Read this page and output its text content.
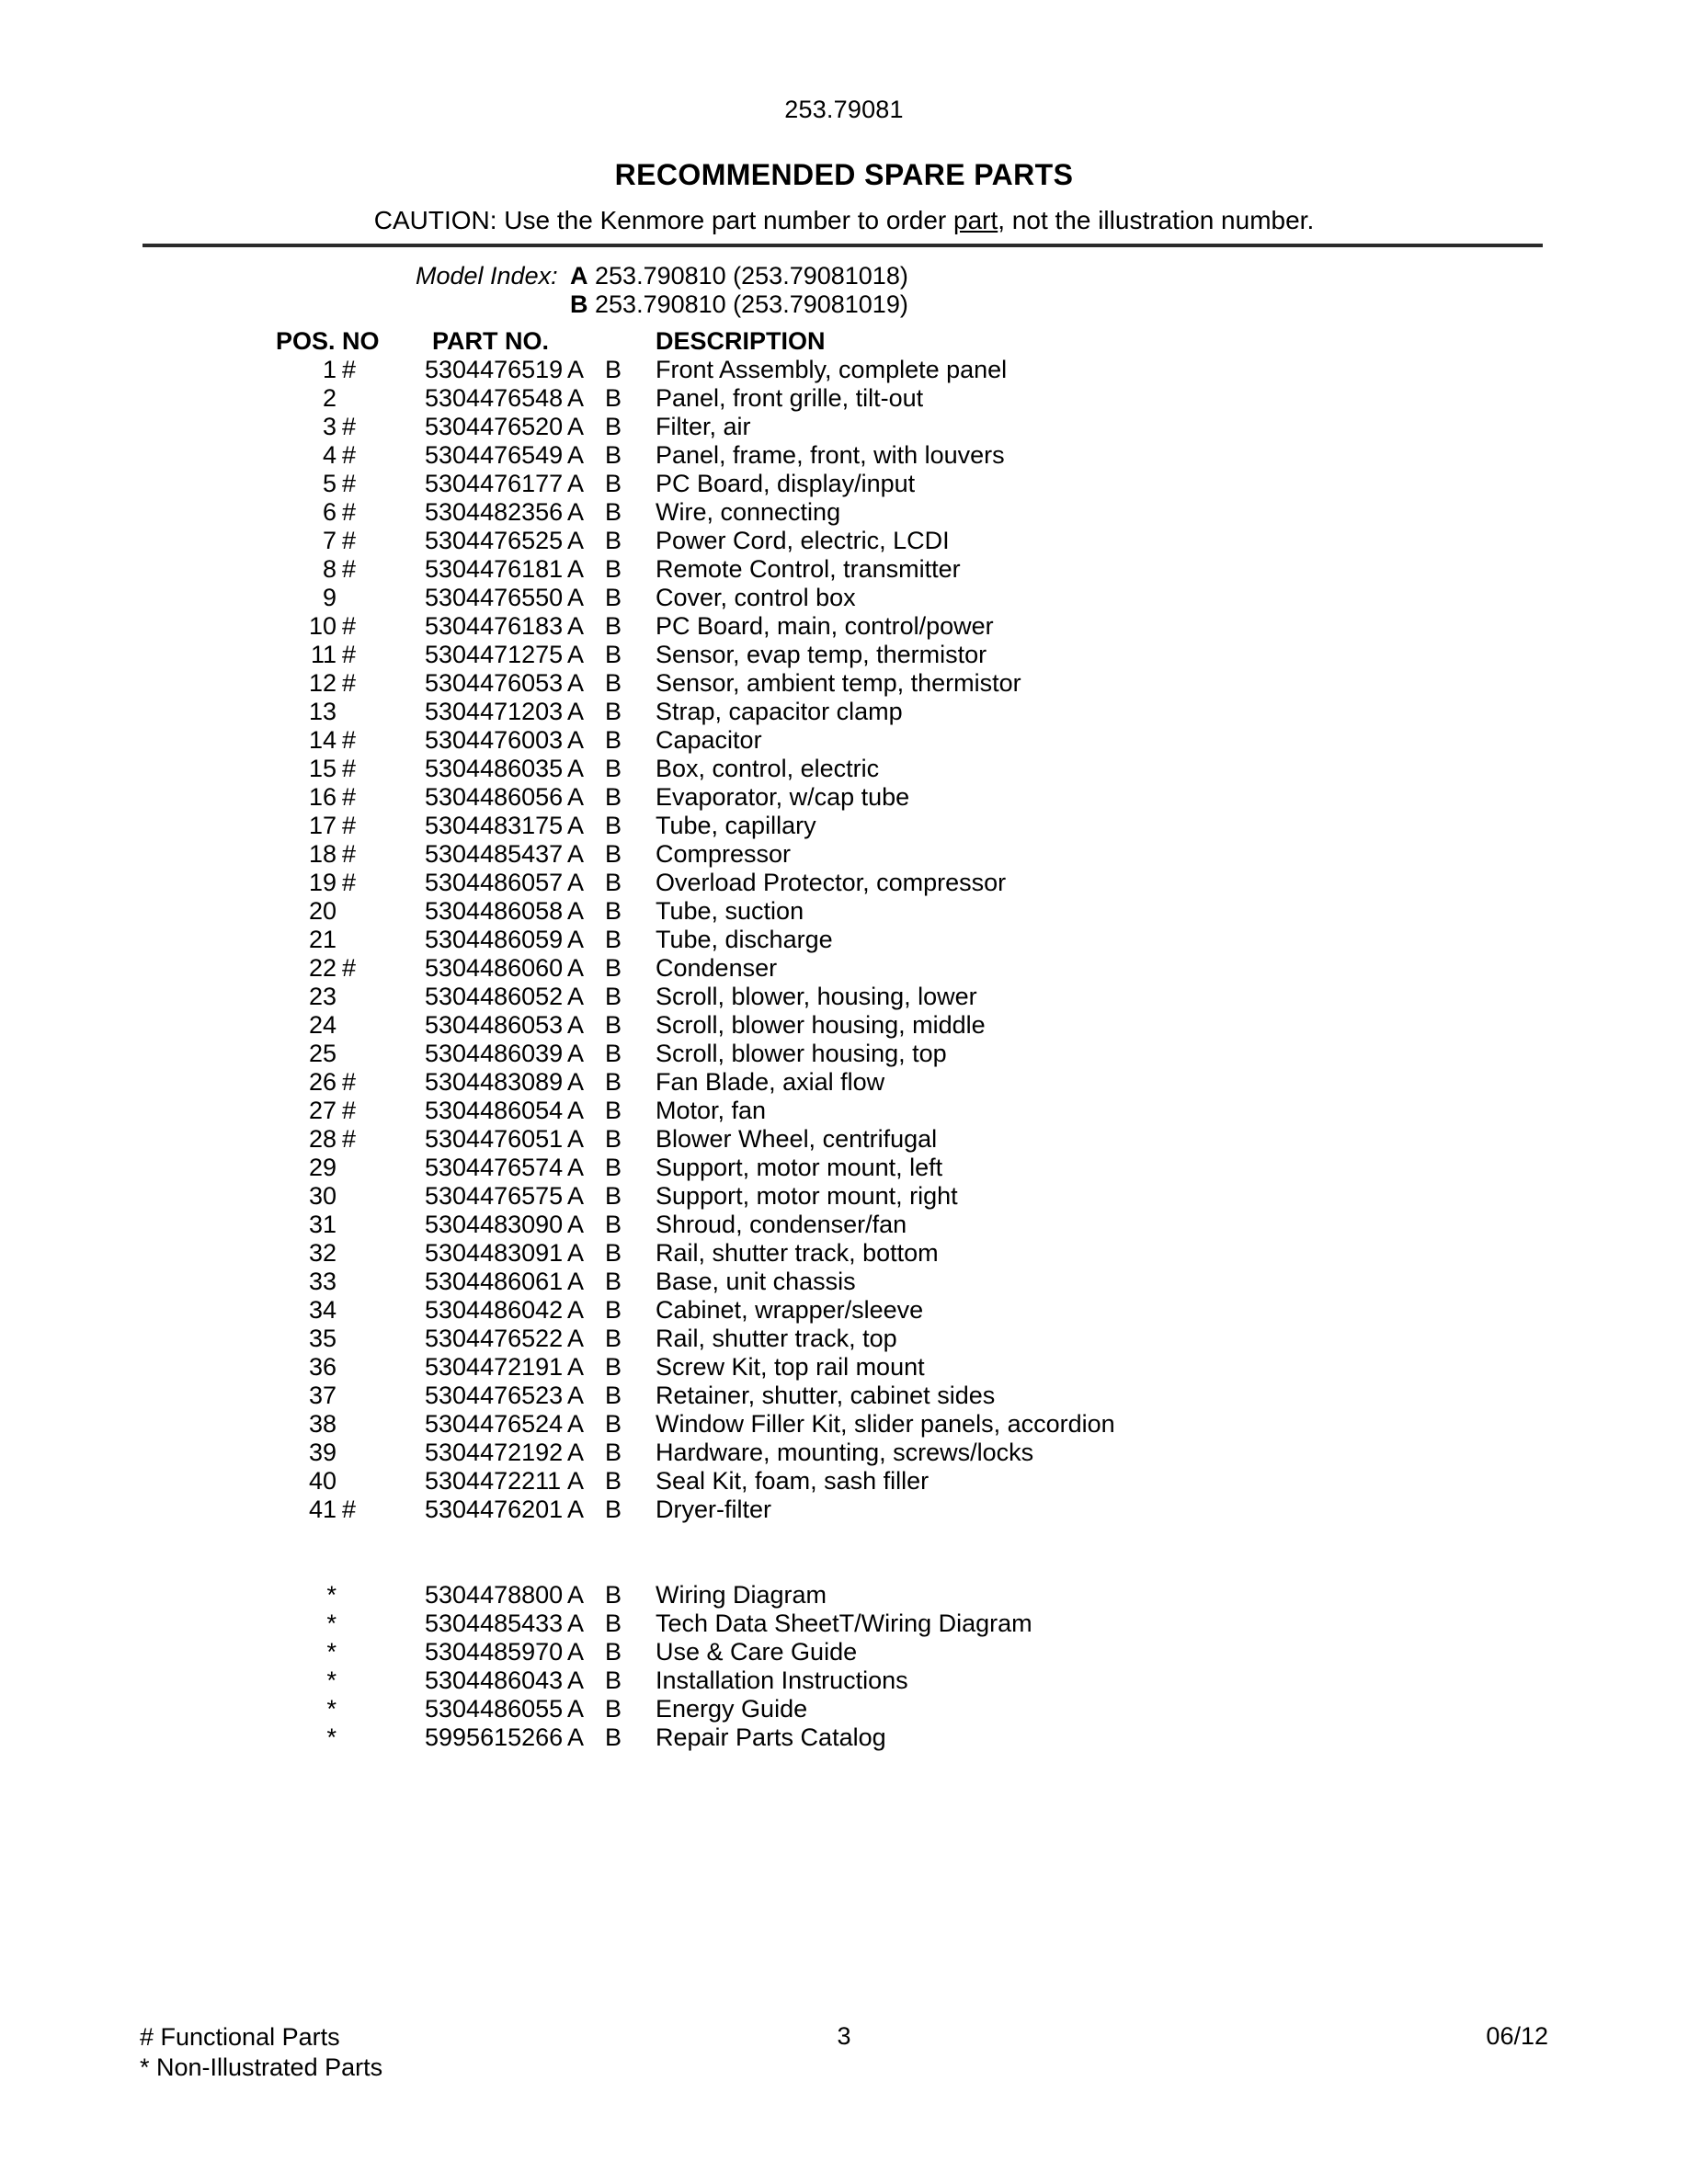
253.79081
RECOMMENDED SPARE PARTS
CAUTION: Use the Kenmore part number to order part, not the illustration number.
Model Index: A 253.790810 (253.79081018)
B 253.790810 (253.79081019)
POS. NO PART NO.	DESCRIPTION
1 #	5304476519 A B Front Assembly, complete panel
2	5304476548 A B Panel, front grille, tilt-out
3 #	5304476520 A B Filter, air
4 #	5304476549 A B Panel, frame, front, with louvers
5 #	5304476177 A B PC Board, display/input
6 #	5304482356 A B Wire, connecting
7 #	5304476525 A B Power Cord, electric, LCDI
8 #	5304476181 A B Remote Control, transmitter
9	5304476550 A B Cover, control box
10 #	5304476183 A B PC Board, main, control/power
11 #	5304471275 A B Sensor, evap temp, thermistor
12 #	5304476053 A B Sensor, ambient temp, thermistor
13	5304471203 A B Strap, capacitor clamp
14 #	5304476003 A B Capacitor
15 #	5304486035 A B Box, control, electric
16 #	5304486056 A B Evaporator, w/cap tube
17 #	5304483175 A B Tube, capillary
18 #	5304485437 A B Compressor
19 #	5304486057 A B Overload Protector, compressor
20	5304486058 A B Tube, suction
21	5304486059 A B Tube, discharge
22 #	5304486060 A B Condenser
23	5304486052 A B Scroll, blower, housing, lower
24	5304486053 A B Scroll, blower housing, middle
25	5304486039 A B Scroll, blower housing, top
26 #	5304483089 A B Fan Blade, axial flow
27 #	5304486054 A B Motor, fan
28 #	5304476051 A B Blower Wheel, centrifugal
29	5304476574 A B Support, motor mount, left
30	5304476575 A B Support, motor mount, right
31	5304483090 A B Shroud, condenser/fan
32	5304483091 A B Rail, shutter track, bottom
33	5304486061 A B Base, unit chassis
34	5304486042 A B Cabinet, wrapper/sleeve
35	5304476522 A B Rail, shutter track, top
36	5304472191 A B Screw Kit, top rail mount
37	5304476523 A B Retainer, shutter, cabinet sides
38	5304476524 A B Window Filler Kit, slider panels, accordion
39	5304472192 A B Hardware, mounting, screws/locks
40	5304472211 A B Seal Kit, foam, sash filler
41 #	5304476201 A B Dryer-filter
*	5304478800 A B Wiring Diagram
*	5304485433 A B Tech Data SheetT/Wiring Diagram
*	5304485970 A B Use & Care Guide
*	5304486043 A B Installation Instructions
*	5304486055 A B Energy Guide
*	5995615266 A B Repair Parts Catalog
# Functional Parts
* Non-Illustrated Parts
3	06/12
